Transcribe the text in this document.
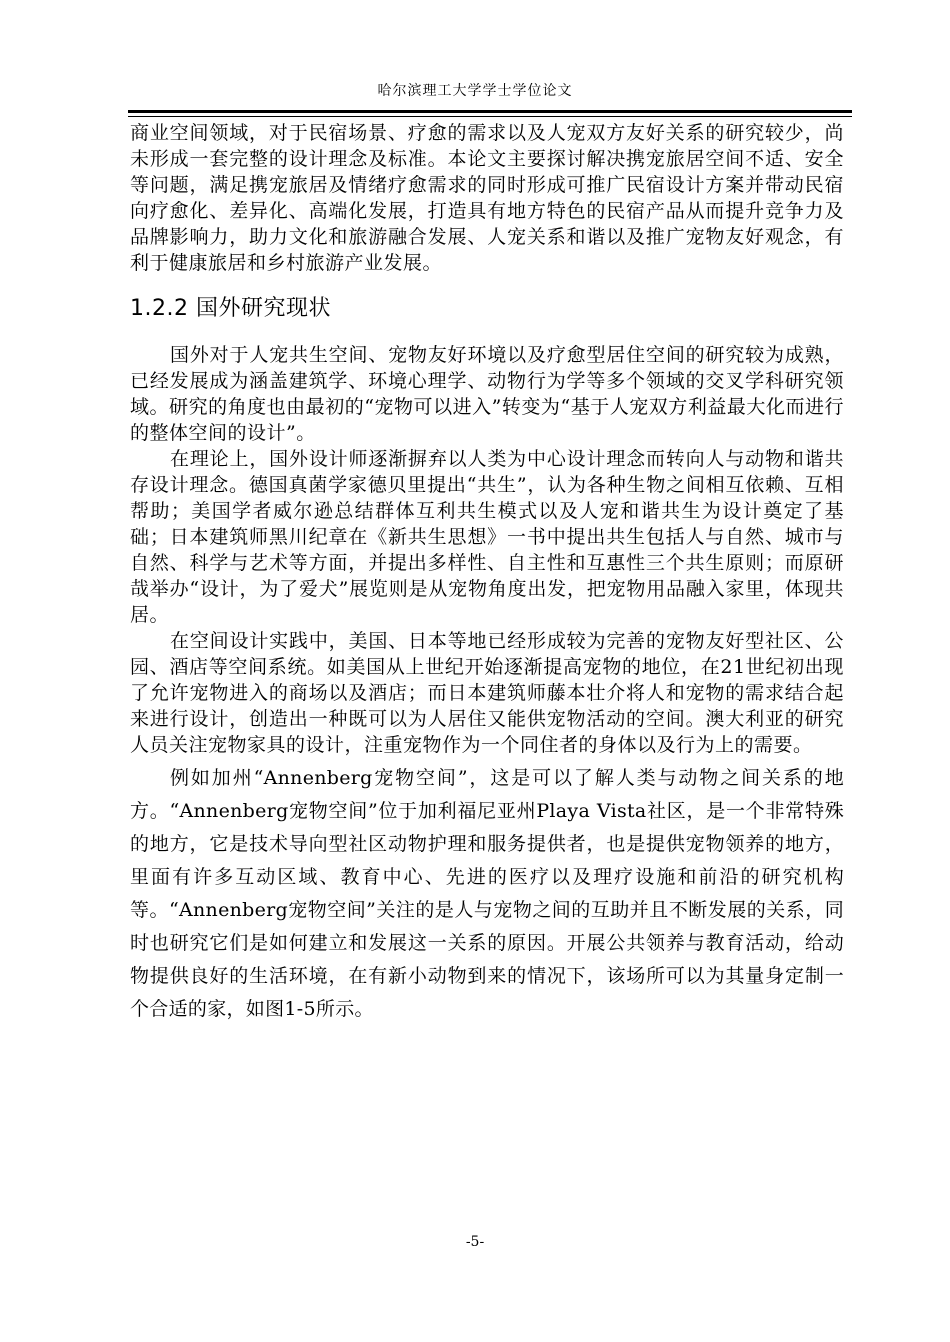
哈尔滨理工大学学士学位论文

商业空间领域，对于民宿场景、疗愈的需求以及人宠双方友好关系的研究较少，尚未形成一套完整的设计理念及标准。本论文主要探讨解决携宠旅居空间不适、安全等问题，满足携宠旅居及情绪疗愈需求的同时形成可推广民宿设计方案并带动民宿向疗愈化、差异化、高端化发展，打造具有地方特色的民宿产品从而提升竞争力及品牌影响力，助力文化和旅游融合发展、人宠关系和谐以及推广宠物友好观念，有利于健康旅居和乡村旅游产业发展。

1.2.2 国外研究现状

国外对于人宠共生空间、宠物友好环境以及疗愈型居住空间的研究较为成熟，已经发展成为涵盖建筑学、环境心理学、动物行为学等多个领域的交叉学科研究领域。研究的角度也由最初的“宠物可以进入”转变为“基于人宠双方利益最大化而进行的整体空间的设计”。

在理论上，国外设计师逐渐摒弃以人类为中心设计理念而转向人与动物和谐共存设计理念。德国真菌学家德贝里提出“共生”，认为各种生物之间相互依赖、互相帮助；美国学者威尔逊总结群体互利共生模式以及人宠和谐共生为设计奠定了基础；日本建筑师黑川纪章在《新共生思想》一书中提出共生包括人与自然、城市与自然、科学与艺术等方面，并提出多样性、自主性和互惠性三个共生原则；而原研哉举办“设计，为了爱犬”展览则是从宠物角度出发，把宠物用品融入家里，体现共居。

在空间设计实践中，美国、日本等地已经形成较为完善的宠物友好型社区、公园、酒店等空间系统。如美国从上世纪开始逐渐提高宠物的地位，在21世纪初出现了允许宠物进入的商场以及酒店；而日本建筑师藤本壮介将人和宠物的需求结合起来进行设计，创造出一种既可以为人居住又能供宠物活动的空间。澳大利亚的研究人员关注宠物家具的设计，注重宠物作为一个同住者的身体以及行为上的需要。

例如加州“Annenberg宠物空间”，这是可以了解人类与动物之间关系的地方。“Annenberg宠物空间”位于加利福尼亚州Playa Vista社区，是一个非常特殊的地方，它是技术导向型社区动物护理和服务提供者，也是提供宠物领养的地方，里面有许多互动区域、教育中心、先进的医疗以及理疗设施和前沿的研究机构等。“Annenberg宠物空间”关注的是人与宠物之间的互助并且不断发展的关系，同时也研究它们是如何建立和发展这一关系的原因。开展公共领养与教育活动，给动物提供良好的生活环境，在有新小动物到来的情况下，该场所可以为其量身定制一个合适的家，如图1-5所示。

-5-
